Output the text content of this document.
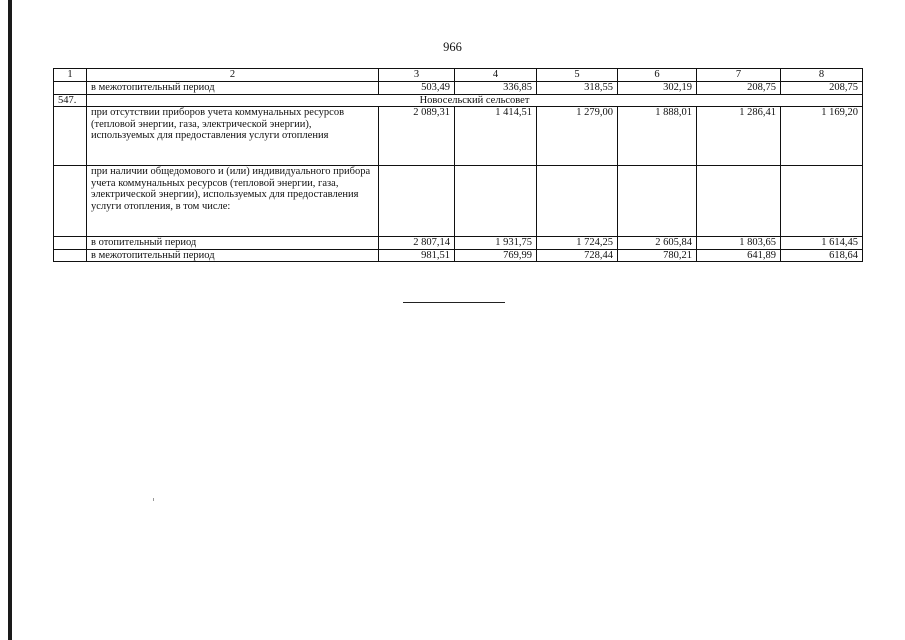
966
1	2	3	4	5	6	7	8
	в межотопительный период	503,49	336,85	318,55	302,19	208,75	208,75
547.	Новосельский сельсовет						
	при отсутствии приборов учета коммунальных ресурсов (тепловой энергии, газа, электрической энергии), используемых для предоставления услуги отопления	2 089,31	1 414,51	1 279,00	1 888,01	1 286,41	1 169,20
	при наличии общедомового и (или) индивидуального прибора учета коммунальных ресурсов (тепловой энергии, газа, электрической энергии), используемых для предоставления услуги отопления, в том числе:						
	в отопительный период	2 807,14	1 931,75	1 724,25	2 605,84	1 803,65	1 614,45
	в межотопительный период	981,51	769,99	728,44	780,21	641,89	618,64
